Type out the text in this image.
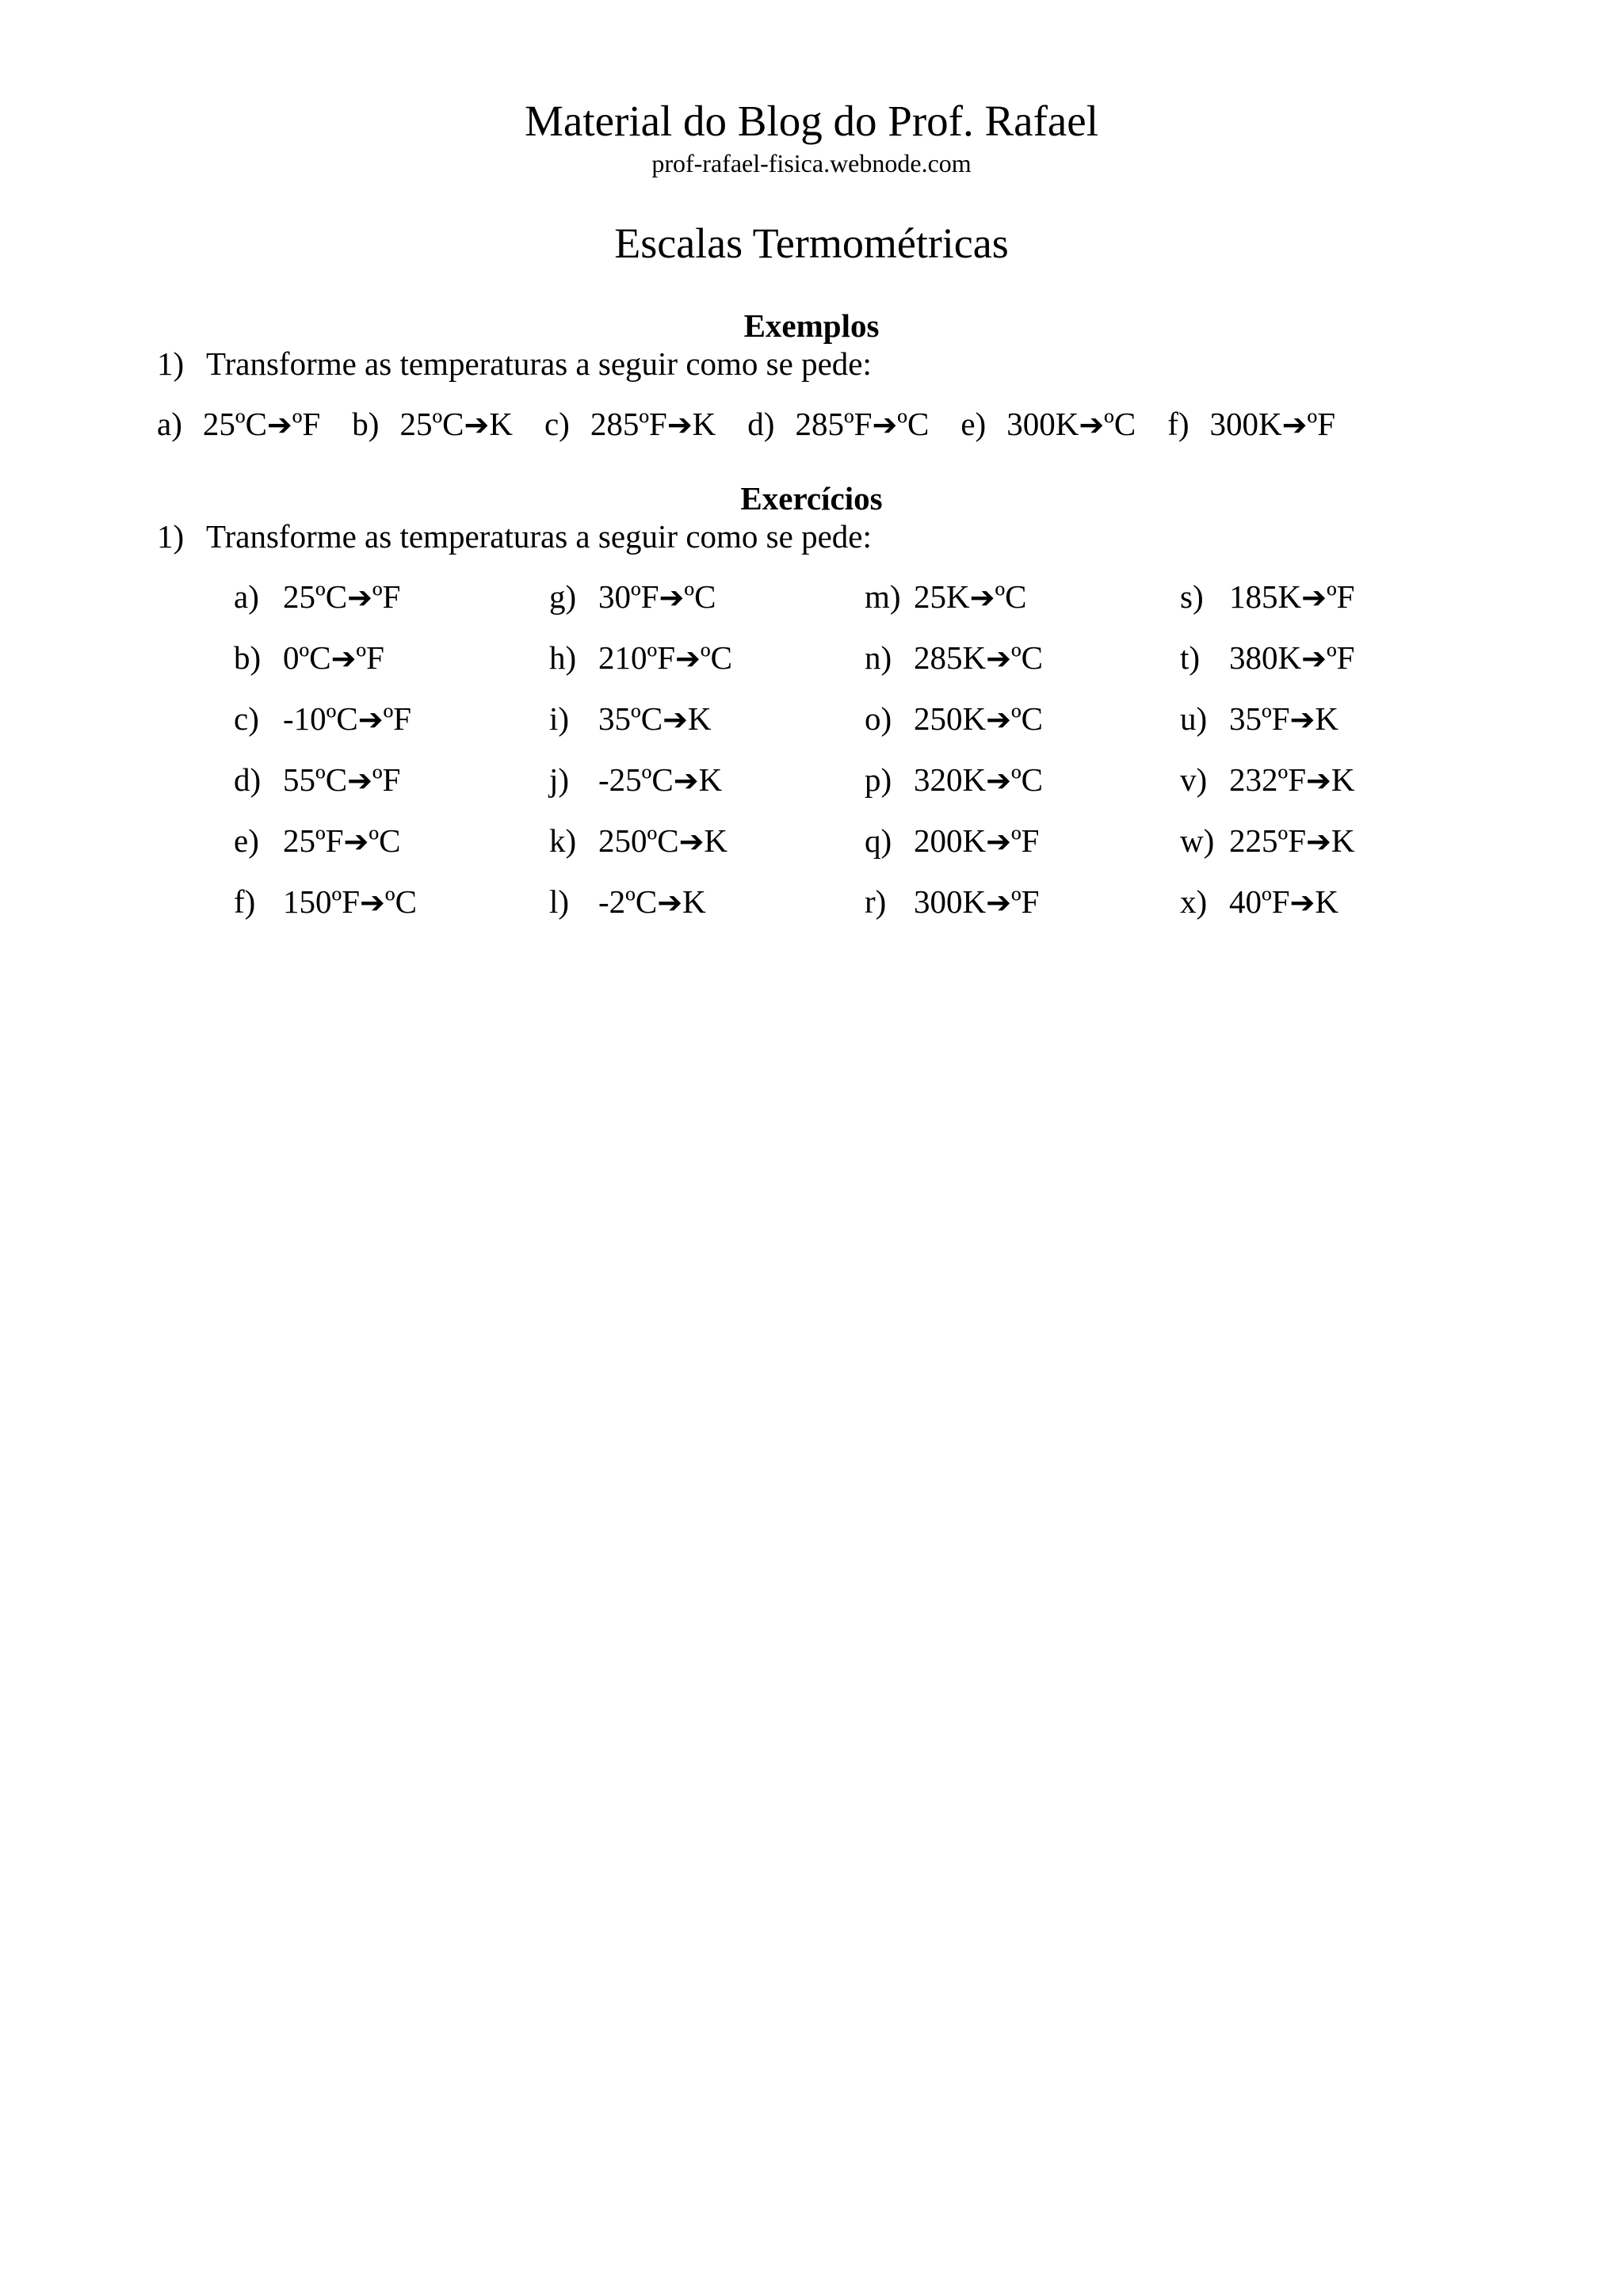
Material do Blog do Prof. Rafael
prof-rafael-fisica.webnode.com
Escalas Termométricas
Exemplos
1) Transforme as temperaturas a seguir como se pede:
a) 25ºC➔ºF b) 25ºC➔K c) 285ºF➔K d) 285ºF➔ºC e) 300K➔ºC f) 300K➔ºF
Exercícios
1) Transforme as temperaturas a seguir como se pede:
a) 25ºC➔ºF
b) 0ºC➔ºF
c) -10ºC➔ºF
d) 55ºC➔ºF
e) 25ºF➔ºC
f) 150ºF➔ºC
g) 30ºF➔ºC
h) 210ºF➔ºC
i) 35ºC➔K
j) -25ºC➔K
k) 250ºC➔K
l) -2ºC➔K
m) 25K➔ºC
n) 285K➔ºC
o) 250K➔ºC
p) 320K➔ºC
q) 200K➔ºF
r) 300K➔ºF
s) 185K➔ºF
t) 380K➔ºF
u) 35ºF➔K
v) 232ºF➔K
w) 225ºF➔K
x) 40ºF➔K
